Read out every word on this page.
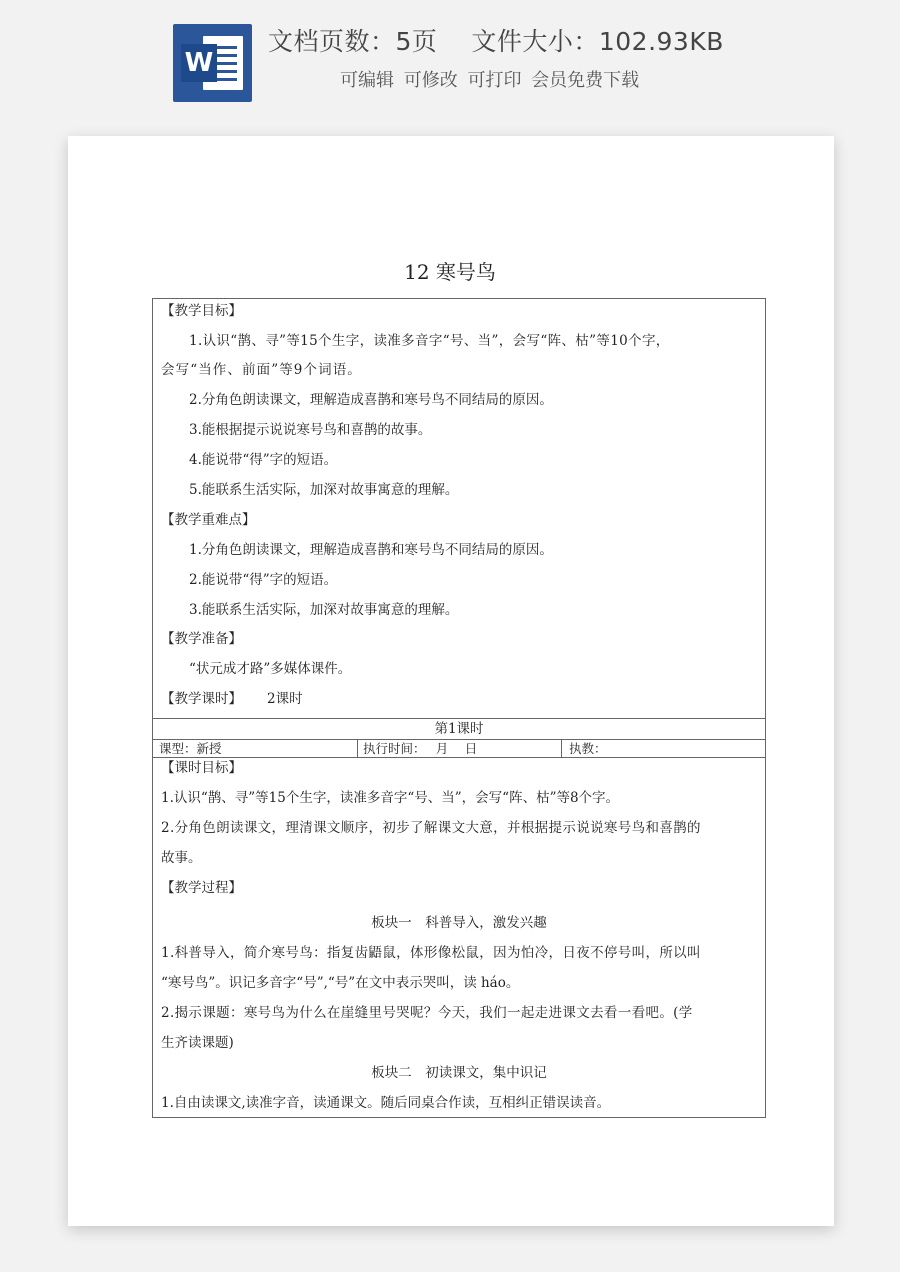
W
文档页数：5页　 文件大小：102.93KB
可编辑 可修改 可打印 会员免费下载
12 寒号鸟
【教学目标】
1.认识“鹊、寻”等15个生字，读准多音字“号、当”，会写“阵、枯”等10个字，
会写“当作、前面”等9个词语。
2.分角色朗读课文，理解造成喜鹊和寒号鸟不同结局的原因。
3.能根据提示说说寒号鸟和喜鹊的故事。
4.能说带“得”字的短语。
5.能联系生活实际，加深对故事寓意的理解。
【教学重难点】
1.分角色朗读课文，理解造成喜鹊和寒号鸟不同结局的原因。
2.能说带“得”字的短语。
3.能联系生活实际，加深对故事寓意的理解。
【教学准备】
“状元成才路”多媒体课件。
【教学课时】 2课时
第1课时
课型：新授	执行时间：　 月　 日	执教：
【课时目标】
1.认识“鹊、寻”等15个生字，读准多音字“号、当”，会写“阵、枯”等8个字。
2.分角色朗读课文，理清课文顺序，初步了解课文大意，并根据提示说说寒号鸟和喜鹊的
故事。
【教学过程】
板块一　科普导入，激发兴趣
1.科普导入，简介寒号鸟：指复齿鼯鼠，体形像松鼠，因为怕冷，日夜不停号叫，所以叫
“寒号鸟”。识记多音字“号”,“号”在文中表示哭叫，读 háo。
2.揭示课题：寒号鸟为什么在崖缝里号哭呢？今天，我们一起走进课文去看一看吧。(学
生齐读课题)
板块二　初读课文，集中识记
1.自由读课文,读准字音，读通课文。随后同桌合作读，互相纠正错误读音。
